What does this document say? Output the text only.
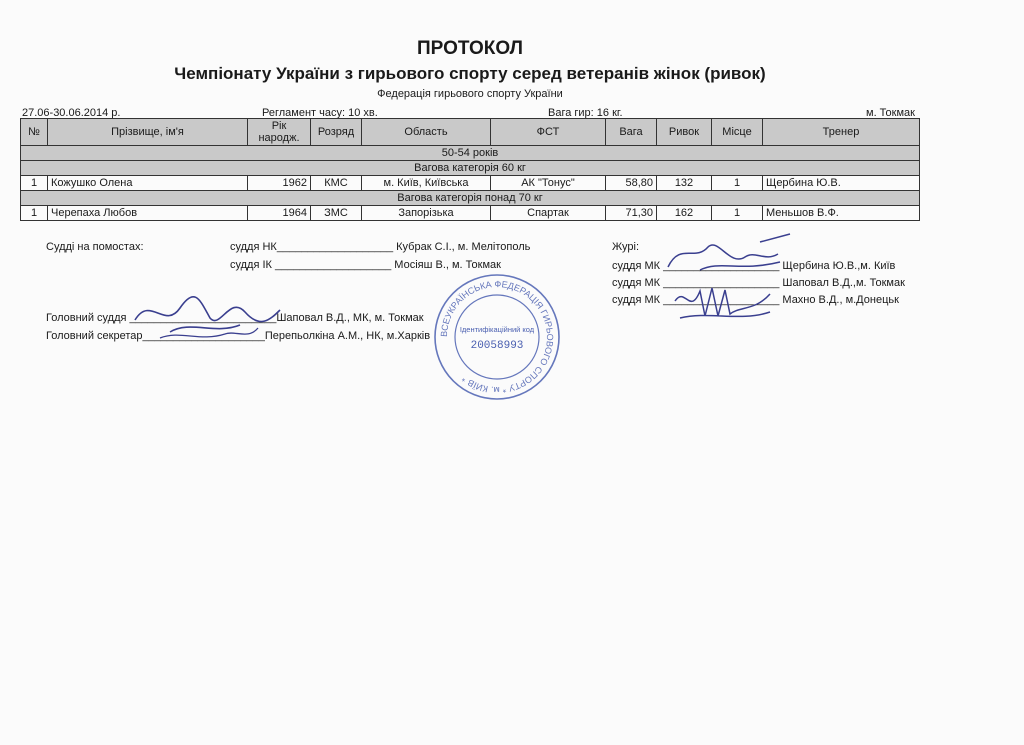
ПРОТОКОЛ
Чемпіонату України з гирьового спорту серед ветеранів жінок (ривок)
Федерація гирьового спорту України
27.06-30.06.2014 р.	Регламент часу: 10 хв.	Вага гир: 16 кг.	м. Токмак
№	Прізвище, ім'я	Рік народж.	Розряд	Область	ФСТ	Вага	Ривок	Місце	Тренер
50-54 років									
Вагова категорія 60 кг									
1	Кожушко Олена	1962	КМС	м. Київ, Київська	АК "Тонус"	58,80	132	1	Щербина Ю.В.
Вагова категорія понад 70 кг									
1	Черепаха Любов	1964	ЗМС	Запорізька	Спартак	71,30	162	1	Меньшов В.Ф.
Судді на помостах:	суддя НК___________________ Кубрак С.І., м. Мелітополь
суддя ІК ___________________ Мосіяш В., м. Токмак
Головний суддя ________________________Шаповал В.Д., МК, м. Токмак
Головний секретар____________________Перепьолкіна А.М., НК, м.Харків
Журі:
суддя МК ___________________ Щербина Ю.В.,м. Київ
суддя МК ___________________ Шаповал В.Д.,м. Токмак
суддя МК ___________________ Махно В.Д., м.Донецьк
ВСЕУКРАЇНСЬКА ФЕДЕРАЦІЯ ГИРЬОВОГО СПОРТУ * м. КИЇВ *
Ідентифікаційний код
20058993
